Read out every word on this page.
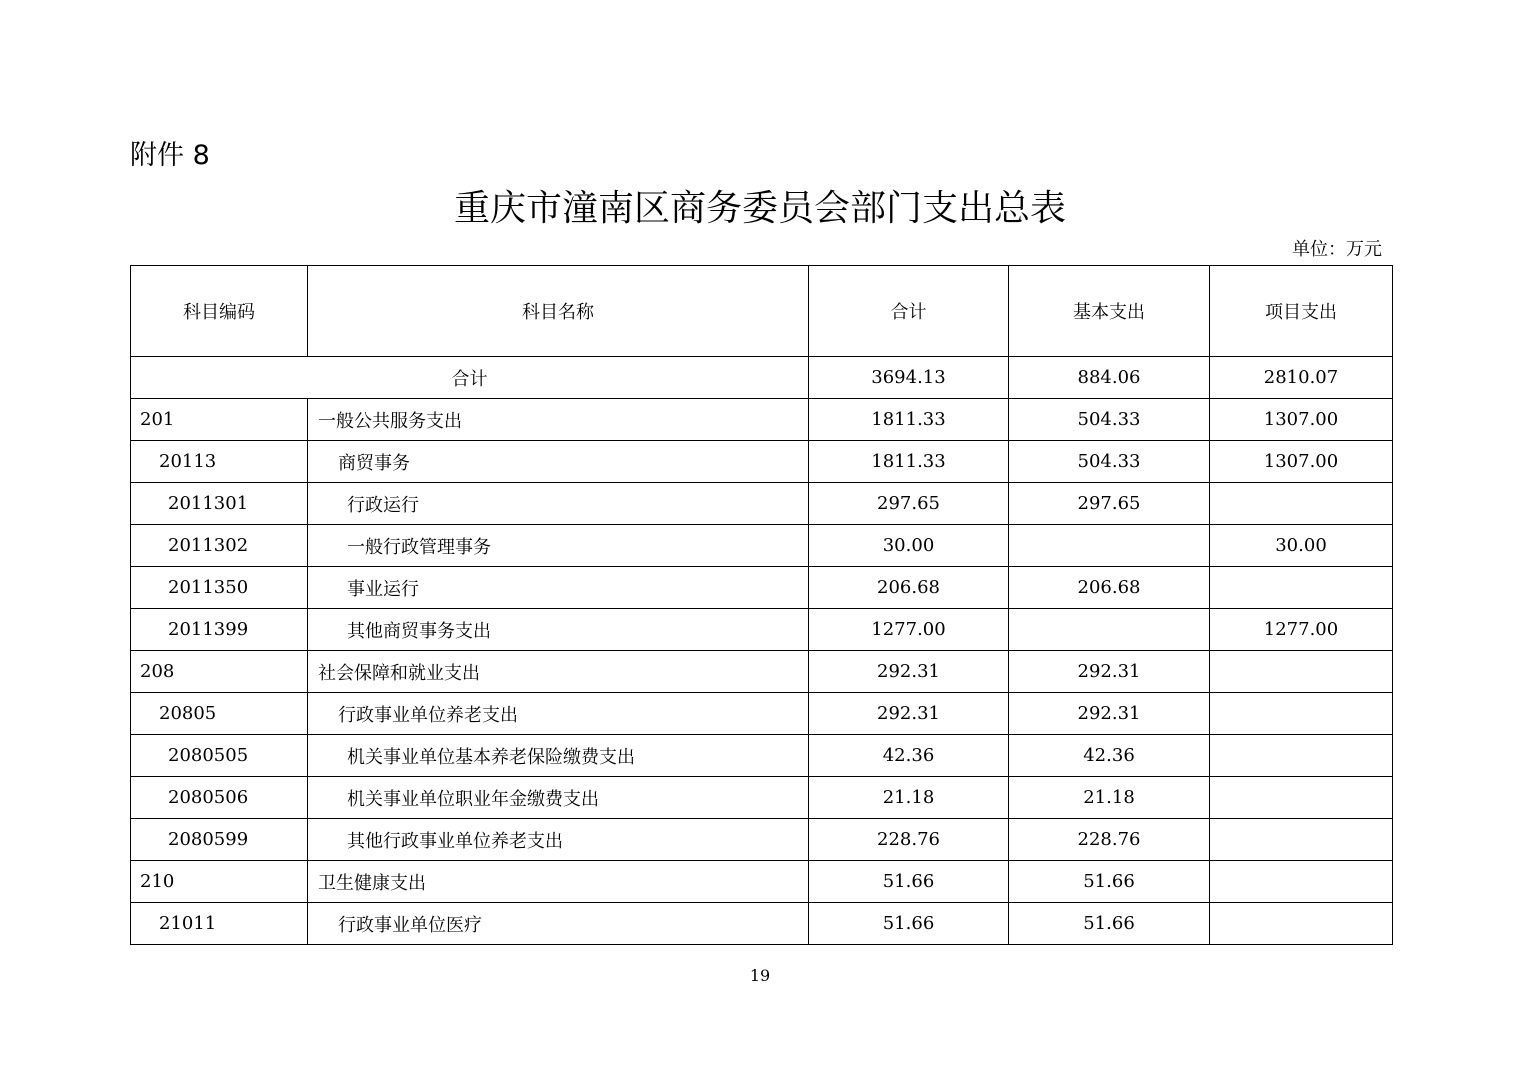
附件 8
重庆市潼南区商务委员会部门支出总表
单位：万元
科目编码	科目名称	合计	基本支出	项目支出
合计		3694.13	884.06	2810.07
201	一般公共服务支出	1811.33	504.33	1307.00
20113	商贸事务	1811.33	504.33	1307.00
2011301	行政运行	297.65	297.65	
2011302	一般行政管理事务	30.00		30.00
2011350	事业运行	206.68	206.68	
2011399	其他商贸事务支出	1277.00		1277.00
208	社会保障和就业支出	292.31	292.31	
20805	行政事业单位养老支出	292.31	292.31	
2080505	机关事业单位基本养老保险缴费支出	42.36	42.36	
2080506	机关事业单位职业年金缴费支出	21.18	21.18	
2080599	其他行政事业单位养老支出	228.76	228.76	
210	卫生健康支出	51.66	51.66	
21011	行政事业单位医疗	51.66	51.66	
19
